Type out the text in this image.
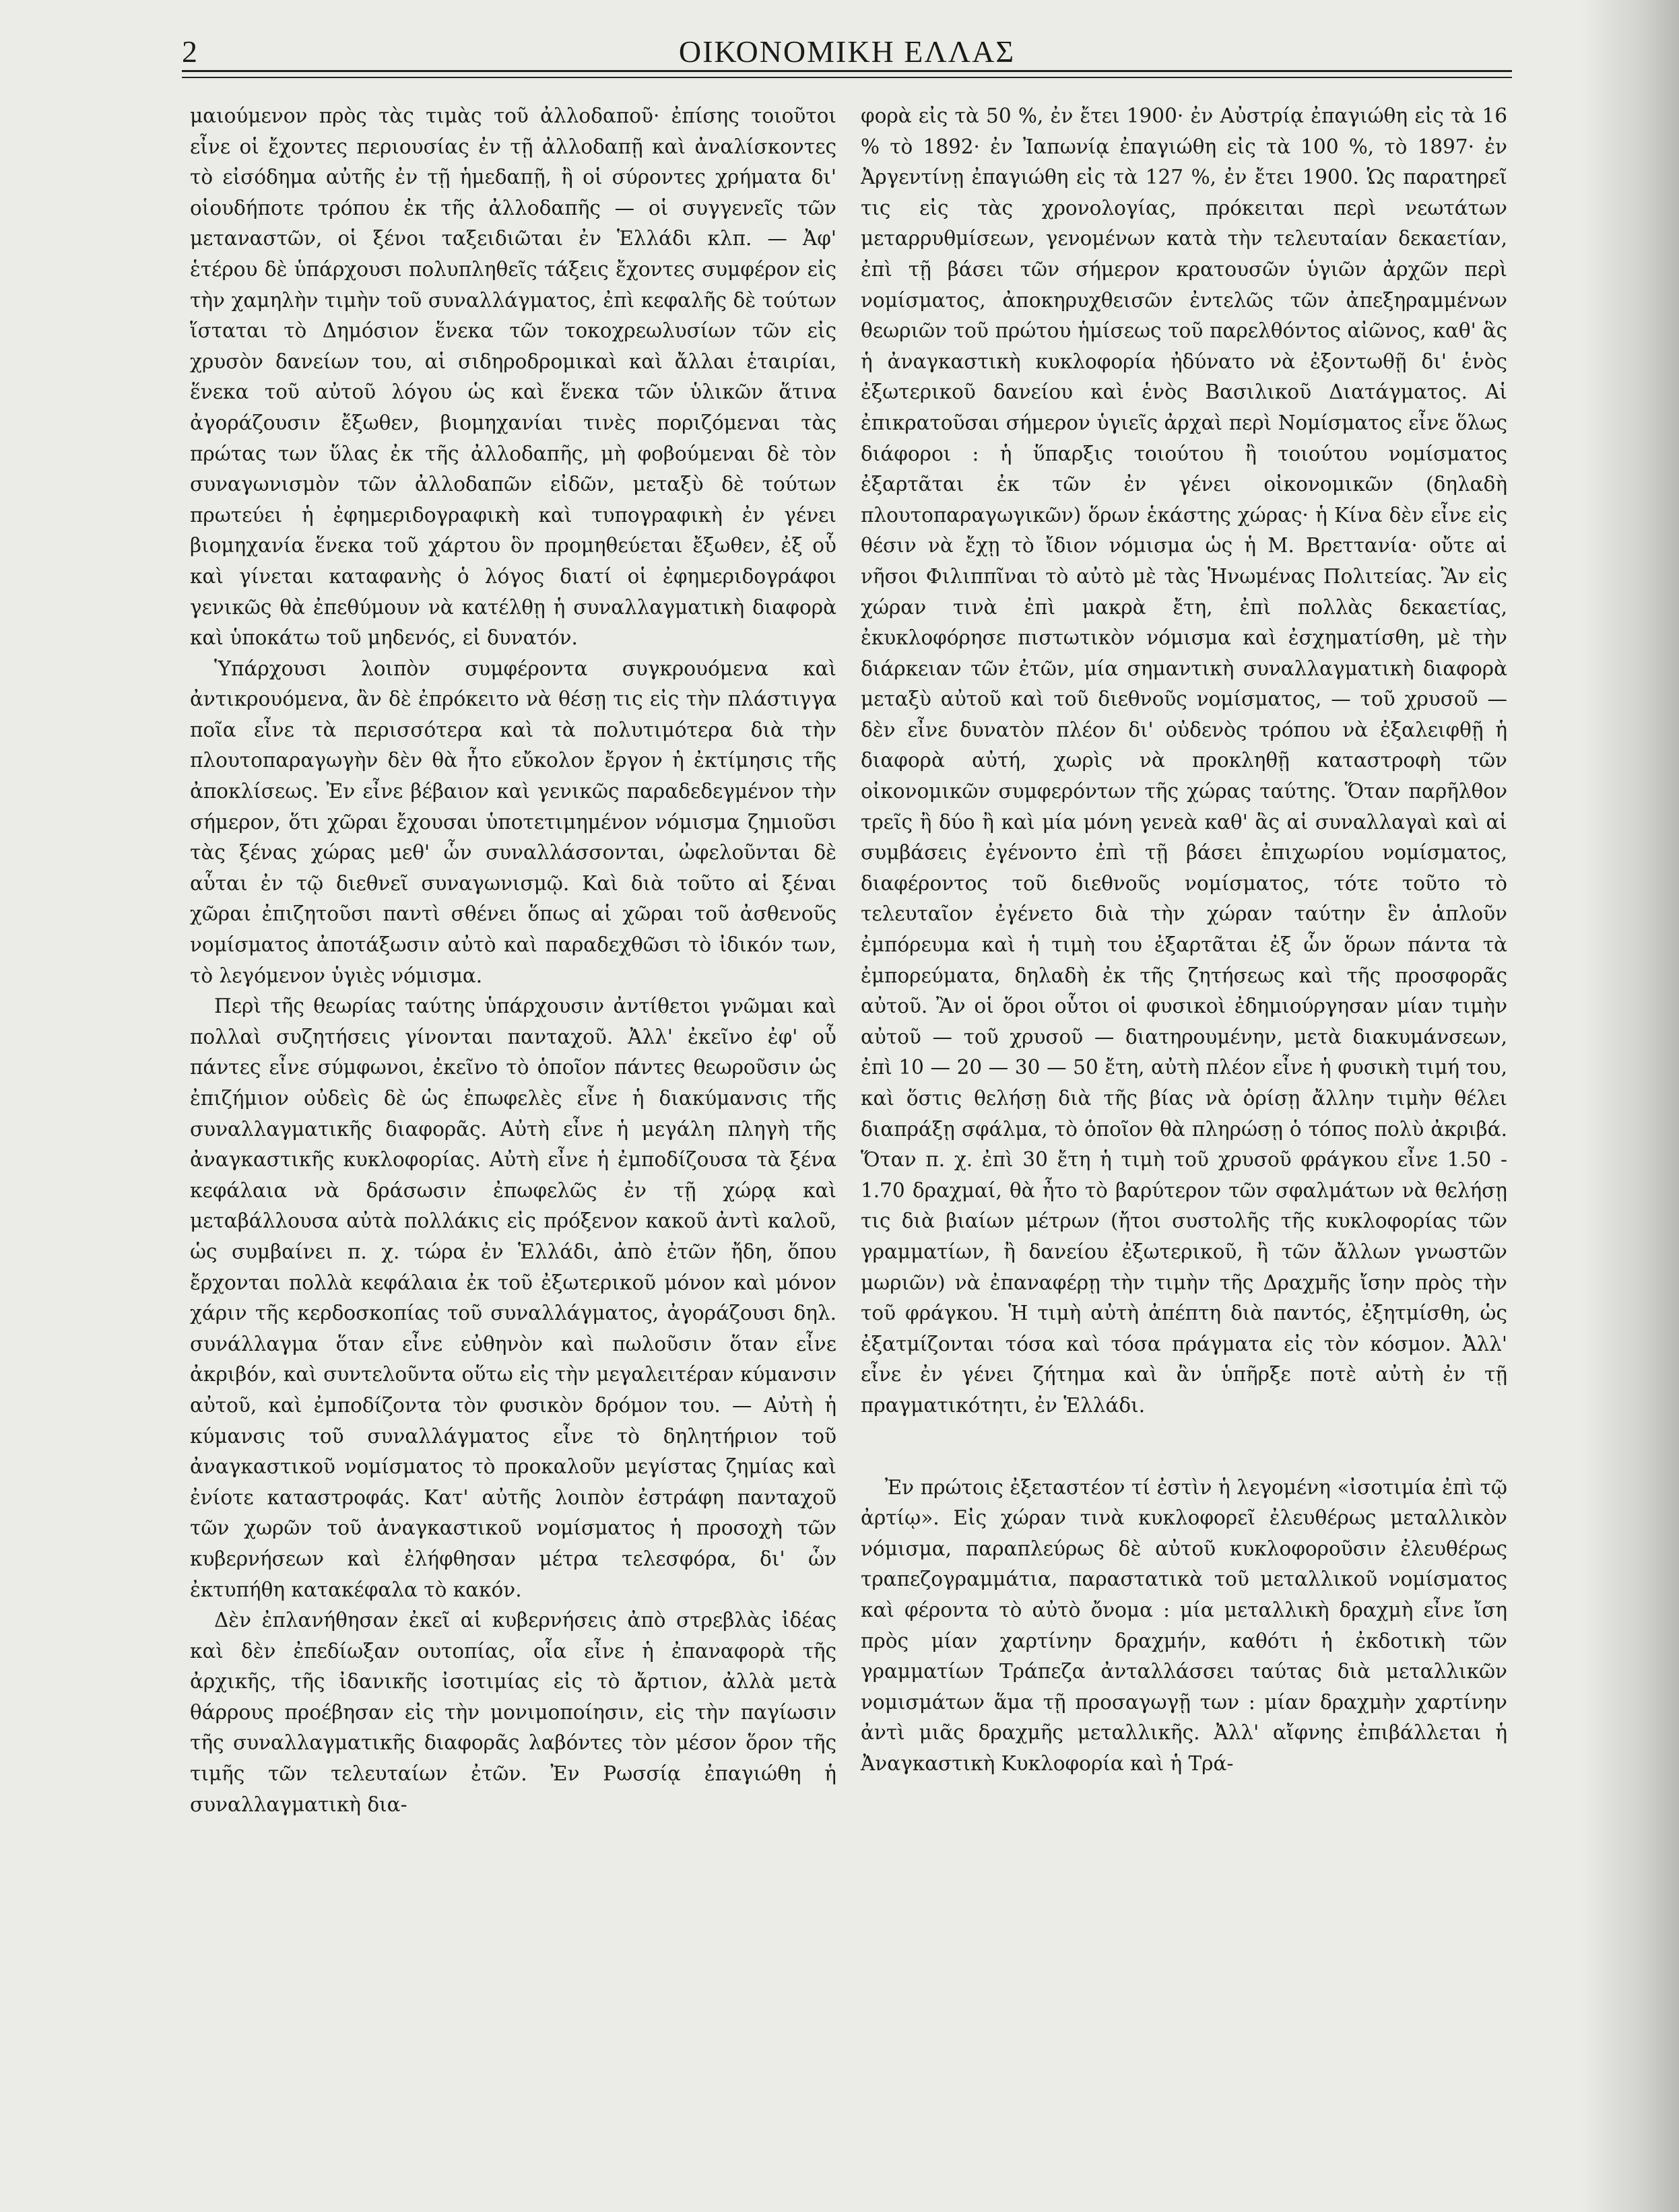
2	ΟΙΚΟΝΟΜΙΚΗ ΕΛΛΑΣ

μαιούμενον πρὸς τὰς τιμὰς τοῦ ἀλλοδαποῦ· ἐπίσης τοιοῦτοι εἶνε οἱ ἔχοντες περιουσίας ἐν τῇ ἀλλοδαπῇ καὶ ἀναλίσκοντες τὸ εἰσόδημα αὐτῆς ἐν τῇ ἡμεδαπῇ, ἢ οἱ σύροντες χρήματα δι' οἱουδήποτε τρόπου ἐκ τῆς ἀλλοδαπῆς — οἱ συγγενεῖς τῶν μεταναστῶν, οἱ ξένοι ταξειδιῶται ἐν Ἑλλάδι κλπ. — Ἀφ' ἑτέρου δὲ ὑπάρχουσι πολυπληθεῖς τάξεις ἔχοντες συμφέρον εἰς τὴν χαμηλὴν τιμὴν τοῦ συναλλάγματος, ἐπὶ κεφαλῆς δὲ τούτων ἵσταται τὸ Δημόσιον ἕνεκα τῶν τοκοχρεωλυσίων τῶν εἰς χρυσὸν δανείων του, αἱ σιδηροδρομικαὶ καὶ ἄλλαι ἑταιρίαι, ἕνεκα τοῦ αὐτοῦ λόγου ὡς καὶ ἕνεκα τῶν ὑλικῶν ἅτινα ἀγοράζουσιν ἔξωθεν, βιομηχανίαι τινὲς ποριζόμεναι τὰς πρώτας των ὕλας ἐκ τῆς ἀλλοδαπῆς, μὴ φοβούμεναι δὲ τὸν συναγωνισμὸν τῶν ἀλλοδαπῶν εἰδῶν, μεταξὺ δὲ τούτων πρωτεύει ἡ ἐφημεριδογραφικὴ καὶ τυπογραφικὴ ἐν γένει βιομηχανία ἕνεκα τοῦ χάρτου ὃν προμηθεύεται ἔξωθεν, ἐξ οὗ καὶ γίνεται καταφανὴς ὁ λόγος διατί οἱ ἐφημεριδογράφοι γενικῶς θὰ ἐπεθύμουν νὰ κατέλθῃ ἡ συναλλαγματικὴ διαφορὰ καὶ ὑποκάτω τοῦ μηδενός, εἰ δυνατόν.

Ὑπάρχουσι λοιπὸν συμφέροντα συγκρουόμενα καὶ ἀντικρουόμενα, ἂν δὲ ἐπρόκειτο νὰ θέσῃ τις εἰς τὴν πλάστιγγα ποῖα εἶνε τὰ περισσότερα καὶ τὰ πολυτιμότερα διὰ τὴν πλουτοπαραγωγὴν δὲν θὰ ἦτο εὔκολον ἔργον ἡ ἐκτίμησις τῆς ἀποκλίσεως. Ἐν εἶνε βέβαιον καὶ γενικῶς παραδεδεγμένον τὴν σήμερον, ὅτι χῶραι ἔχουσαι ὑποτετιμημένον νόμισμα ζημιοῦσι τὰς ξένας χώρας μεθ' ὧν συναλλάσσονται, ὠφελοῦνται δὲ αὗται ἐν τῷ διεθνεῖ συναγωνισμῷ. Καὶ διὰ τοῦτο αἱ ξέναι χῶραι ἐπιζητοῦσι παντὶ σθένει ὅπως αἱ χῶραι τοῦ ἀσθενοῦς νομίσματος ἀποτάξωσιν αὐτὸ καὶ παραδεχθῶσι τὸ ἰδικόν των, τὸ λεγόμενον ὑγιὲς νόμισμα.

Περὶ τῆς θεωρίας ταύτης ὑπάρχουσιν ἀντίθετοι γνῶμαι καὶ πολλαὶ συζητήσεις γίνονται πανταχοῦ. Ἀλλ' ἐκεῖνο ἐφ' οὗ πάντες εἶνε σύμφωνοι, ἐκεῖνο τὸ ὁποῖον πάντες θεωροῦσιν ὡς ἐπιζήμιον οὐδεὶς δὲ ὡς ἐπωφελὲς εἶνε ἡ διακύμανσις τῆς συναλλαγματικῆς διαφορᾶς. Αὐτὴ εἶνε ἡ μεγάλη πληγὴ τῆς ἀναγκαστικῆς κυκλοφορίας. Αὐτὴ εἶνε ἡ ἐμποδίζουσα τὰ ξένα κεφάλαια νὰ δράσωσιν ἐπωφελῶς ἐν τῇ χώρᾳ καὶ μεταβάλλουσα αὐτὰ πολλάκις εἰς πρόξενον κακοῦ ἀντὶ καλοῦ, ὡς συμβαίνει π. χ. τώρα ἐν Ἑλλάδι, ἀπὸ ἐτῶν ἤδη, ὅπου ἔρχονται πολλὰ κεφάλαια ἐκ τοῦ ἐξωτερικοῦ μόνον καὶ μόνον χάριν τῆς κερδοσκοπίας τοῦ συναλλάγματος, ἀγοράζουσι δηλ. συνάλλαγμα ὅταν εἶνε εὐθηνὸν καὶ πωλοῦσιν ὅταν εἶνε ἀκριβόν, καὶ συντελοῦντα οὕτω εἰς τὴν μεγαλειτέραν κύμανσιν αὐτοῦ, καὶ ἐμποδίζοντα τὸν φυσικὸν δρόμον του. — Αὐτὴ ἡ κύμανσις τοῦ συναλλάγματος εἶνε τὸ δηλητήριον τοῦ ἀναγκαστικοῦ νομίσματος τὸ προκαλοῦν μεγίστας ζημίας καὶ ἐνίοτε καταστροφάς. Κατ' αὐτῆς λοιπὸν ἐστράφη πανταχοῦ τῶν χωρῶν τοῦ ἀναγκαστικοῦ νομίσματος ἡ προσοχὴ τῶν κυβερνήσεων καὶ ἐλήφθησαν μέτρα τελεσφόρα, δι' ὧν ἐκτυπήθη κατακέφαλα τὸ κακόν.

Δὲν ἐπλανήθησαν ἐκεῖ αἱ κυβερνήσεις ἀπὸ στρεβλὰς ἰδέας καὶ δὲν ἐπεδίωξαν ουτοπίας, οἷα εἶνε ἡ ἐπαναφορὰ τῆς ἀρχικῆς, τῆς ἰδανικῆς ἰσοτιμίας εἰς τὸ ἄρτιον, ἀλλὰ μετὰ θάρρους προέβησαν εἰς τὴν μονιμοποίησιν, εἰς τὴν παγίωσιν τῆς συναλλαγματικῆς διαφορᾶς λαβόντες τὸν μέσον ὅρον τῆς τιμῆς τῶν τελευταίων ἐτῶν. Ἐν Ρωσσίᾳ ἐπαγιώθη ἡ συναλλαγματικὴ δια-

φορὰ εἰς τὰ 50 %, ἐν ἔτει 1900· ἐν Αὐστρίᾳ ἐπαγιώθη εἰς τὰ 16 % τὸ 1892· ἐν Ἰαπωνίᾳ ἐπαγιώθη εἰς τὰ 100 %, τὸ 1897· ἐν Ἀργεντίνῃ ἐπαγιώθη εἰς τὰ 127 %, ἐν ἔτει 1900. Ὡς παρατηρεῖ τις εἰς τὰς χρονολογίας, πρόκειται περὶ νεωτάτων μεταρρυθμίσεων, γενομένων κατὰ τὴν τελευταίαν δεκαετίαν, ἐπὶ τῇ βάσει τῶν σήμερον κρατουσῶν ὑγιῶν ἀρχῶν περὶ νομίσματος, ἀποκηρυχθεισῶν ἐντελῶς τῶν ἀπεξηραμμένων θεωριῶν τοῦ πρώτου ἡμίσεως τοῦ παρελθόντος αἰῶνος, καθ' ἃς ἡ ἀναγκαστικὴ κυκλοφορία ἠδύνατο νὰ ἐξοντωθῇ δι' ἑνὸς ἐξωτερικοῦ δανείου καὶ ἑνὸς Βασιλικοῦ Διατάγματος. Αἱ ἐπικρατοῦσαι σήμερον ὑγιεῖς ἀρχαὶ περὶ Νομίσματος εἶνε ὅλως διάφοροι : ἡ ὕπαρξις τοιούτου ἢ τοιούτου νομίσματος ἐξαρτᾶται ἐκ τῶν ἐν γένει οἰκονομικῶν (δηλαδὴ πλουτοπαραγωγικῶν) ὅρων ἑκάστης χώρας· ἡ Κίνα δὲν εἶνε εἰς θέσιν νὰ ἔχῃ τὸ ἴδιον νόμισμα ὡς ἡ Μ. Βρεττανία· οὔτε αἱ νῆσοι Φιλιππῖναι τὸ αὐτὸ μὲ τὰς Ἡνωμένας Πολιτείας. Ἂν εἰς χώραν τινὰ ἐπὶ μακρὰ ἔτη, ἐπὶ πολλὰς δεκαετίας, ἐκυκλοφόρησε πιστωτικὸν νόμισμα καὶ ἐσχηματίσθη, μὲ τὴν διάρκειαν τῶν ἐτῶν, μία σημαντικὴ συναλλαγματικὴ διαφορὰ μεταξὺ αὐτοῦ καὶ τοῦ διεθνοῦς νομίσματος, — τοῦ χρυσοῦ — δὲν εἶνε δυνατὸν πλέον δι' οὐδενὸς τρόπου νὰ ἐξαλειφθῇ ἡ διαφορὰ αὐτή, χωρὶς νὰ προκληθῇ καταστροφὴ τῶν οἰκονομικῶν συμφερόντων τῆς χώρας ταύτης. Ὅταν παρῆλθον τρεῖς ἢ δύο ἢ καὶ μία μόνη γενεὰ καθ' ἃς αἱ συναλλαγαὶ καὶ αἱ συμβάσεις ἐγένοντο ἐπὶ τῇ βάσει ἐπιχωρίου νομίσματος, διαφέροντος τοῦ διεθνοῦς νομίσματος, τότε τοῦτο τὸ τελευταῖον ἐγένετο διὰ τὴν χώραν ταύτην ἓν ἁπλοῦν ἐμπόρευμα καὶ ἡ τιμὴ του ἐξαρτᾶται ἐξ ὧν ὅρων πάντα τὰ ἐμπορεύματα, δηλαδὴ ἐκ τῆς ζητήσεως καὶ τῆς προσφορᾶς αὐτοῦ. Ἂν οἱ ὅροι οὗτοι οἱ φυσικοὶ ἐδημιούργησαν μίαν τιμὴν αὐτοῦ — τοῦ χρυσοῦ — διατηρουμένην, μετὰ διακυμάνσεων, ἐπὶ 10 — 20 — 30 — 50 ἔτη, αὐτὴ πλέον εἶνε ἡ φυσικὴ τιμή του, καὶ ὅστις θελήσῃ διὰ τῆς βίας νὰ ὁρίσῃ ἄλλην τιμὴν θέλει διαπράξῃ σφάλμα, τὸ ὁποῖον θὰ πληρώσῃ ὁ τόπος πολὺ ἀκριβά. Ὅταν π. χ. ἐπὶ 30 ἔτη ἡ τιμὴ τοῦ χρυσοῦ φράγκου εἶνε 1.50 - 1.70 δραχμαί, θὰ ἦτο τὸ βαρύτερον τῶν σφαλμάτων νὰ θελήσῃ τις διὰ βιαίων μέτρων (ἤτοι συστολῆς τῆς κυκλοφορίας τῶν γραμματίων, ἢ δανείου ἐξωτερικοῦ, ἢ τῶν ἄλλων γνωστῶν μωριῶν) νὰ ἐπαναφέρῃ τὴν τιμὴν τῆς Δραχμῆς ἴσην πρὸς τὴν τοῦ φράγκου. Ἡ τιμὴ αὐτὴ ἀπέπτη διὰ παντός, ἐξητμίσθη, ὡς ἐξατμίζονται τόσα καὶ τόσα πράγματα εἰς τὸν κόσμον. Ἀλλ' εἶνε ἐν γένει ζήτημα καὶ ἂν ὑπῆρξε ποτὲ αὐτὴ ἐν τῇ πραγματικότητι, ἐν Ἑλλάδι.

Ἐν πρώτοις ἐξεταστέον τί ἐστὶν ἡ λεγομένη «ἰσοτιμία ἐπὶ τῷ ἀρτίῳ». Εἰς χώραν τινὰ κυκλοφορεῖ ἐλευθέρως μεταλλικὸν νόμισμα, παραπλεύρως δὲ αὐτοῦ κυκλοφοροῦσιν ἐλευθέρως τραπεζογραμμάτια, παραστατικὰ τοῦ μεταλλικοῦ νομίσματος καὶ φέροντα τὸ αὐτὸ ὄνομα : μία μεταλλικὴ δραχμὴ εἶνε ἴση πρὸς μίαν χαρτίνην δραχμήν, καθότι ἡ ἐκδοτικὴ τῶν γραμματίων Τράπεζα ἀνταλλάσσει ταύτας διὰ μεταλλικῶν νομισμάτων ἅμα τῇ προσαγωγῇ των : μίαν δραχμὴν χαρτίνην ἀντὶ μιᾶς δραχμῆς μεταλλικῆς. Ἀλλ' αἴφνης ἐπιβάλλεται ἡ Ἀναγκαστικὴ Κυκλοφορία καὶ ἡ Τρά-
